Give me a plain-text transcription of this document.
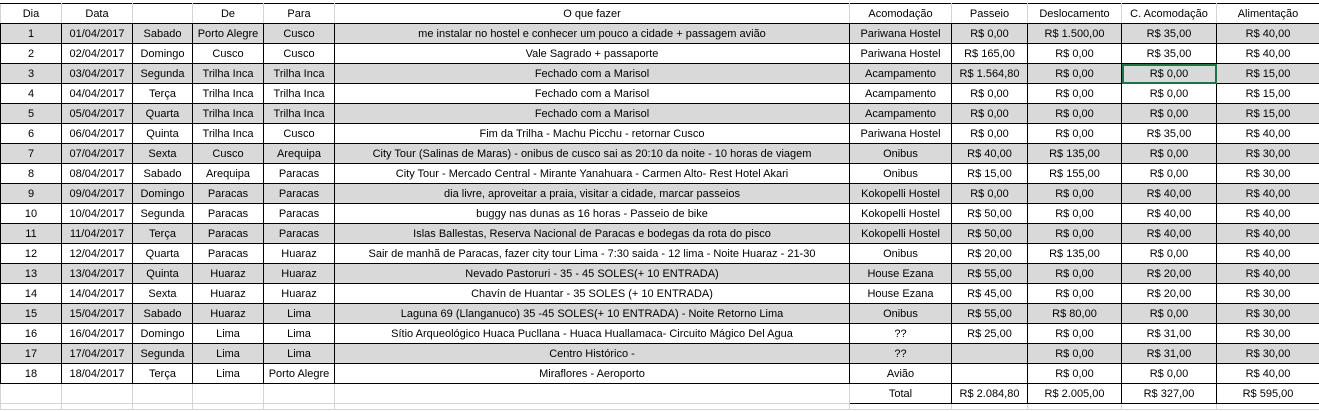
Dia	Data		De	Para	O que fazer	Acomodação	Passeio	Deslocamento	C. Acomodação	Alimentação
1	01/04/2017	Sabado	Porto Alegre	Cusco	me instalar no hostel e conhecer um pouco a cidade + passagem avião	Pariwana Hostel	R$ 0,00	R$ 1.500,00	R$ 35,00	R$ 40,00
2	02/04/2017	Domingo	Cusco	Cusco	Vale Sagrado + passaporte	Pariwana Hostel	R$ 165,00	R$ 0,00	R$ 35,00	R$ 40,00
3	03/04/2017	Segunda	Trilha Inca	Trilha Inca	Fechado com a Marisol	Acampamento	R$ 1.564,80	R$ 0,00	R$ 0,00	R$ 15,00
4	04/04/2017	Terça	Trilha Inca	Trilha Inca	Fechado com a Marisol	Acampamento	R$ 0,00	R$ 0,00	R$ 0,00	R$ 15,00
5	05/04/2017	Quarta	Trilha Inca	Trilha Inca	Fechado com a Marisol	Acampamento	R$ 0,00	R$ 0,00	R$ 0,00	R$ 15,00
6	06/04/2017	Quinta	Trilha Inca	Cusco	Fim da Trilha - Machu Picchu - retornar Cusco	Pariwana Hostel	R$ 0,00	R$ 0,00	R$ 35,00	R$ 40,00
7	07/04/2017	Sexta	Cusco	Arequipa	City Tour (Salinas de Maras) - onibus de cusco sai as 20:10 da noite - 10 horas de viagem	Onibus	R$ 40,00	R$ 135,00	R$ 0,00	R$ 30,00
8	08/04/2017	Sabado	Arequipa	Paracas	City Tour - Mercado Central - Mirante Yanahuara - Carmen Alto- Rest Hotel Akari	Onibus	R$ 15,00	R$ 155,00	R$ 0,00	R$ 30,00
9	09/04/2017	Domingo	Paracas	Paracas	dia livre, aproveitar a praia, visitar a cidade, marcar passeios	Kokopelli Hostel	R$ 0,00	R$ 0,00	R$ 40,00	R$ 40,00
10	10/04/2017	Segunda	Paracas	Paracas	buggy nas dunas as 16 horas - Passeio de bike	Kokopelli Hostel	R$ 50,00	R$ 0,00	R$ 40,00	R$ 40,00
11	11/04/2017	Terça	Paracas	Paracas	Islas Ballestas, Reserva Nacional de Paracas e bodegas da rota do pisco	Kokopelli Hostel	R$ 50,00	R$ 0,00	R$ 40,00	R$ 40,00
12	12/04/2017	Quarta	Paracas	Huaraz	Sair de manhã de Paracas, fazer city tour Lima - 7:30 saida - 12 lima - Noite Huaraz - 21-30	Onibus	R$ 20,00	R$ 135,00	R$ 0,00	R$ 40,00
13	13/04/2017	Quinta	Huaraz	Huaraz	Nevado Pastoruri - 35 - 45 SOLES(+ 10 ENTRADA)	House Ezana	R$ 55,00	R$ 0,00	R$ 20,00	R$ 40,00
14	14/04/2017	Sexta	Huaraz	Huaraz	Chavín de Huantar - 35 SOLES (+ 10 ENTRADA)	House Ezana	R$ 45,00	R$ 0,00	R$ 20,00	R$ 30,00
15	15/04/2017	Sabado	Huaraz	Lima	Laguna 69 (Llanganuco) 35 -45 SOLES(+ 10 ENTRADA) - Noite Retorno Lima	Onibus	R$ 55,00	R$ 80,00	R$ 0,00	R$ 30,00
16	16/04/2017	Domingo	Lima	Lima	Sítio Arqueológico Huaca Pucllana - Huaca Huallamaca- Circuito Mágico Del Agua	??	R$ 25,00	R$ 0,00	R$ 31,00	R$ 30,00
17	17/04/2017	Segunda	Lima	Lima	Centro Histórico -	??		R$ 0,00	R$ 31,00	R$ 30,00
18	18/04/2017	Terça	Lima	Porto Alegre	Miraflores - Aeroporto	Avião		R$ 0,00	R$ 0,00	R$ 40,00
						Total	R$ 2.084,80	R$ 2.005,00	R$ 327,00	R$ 595,00
